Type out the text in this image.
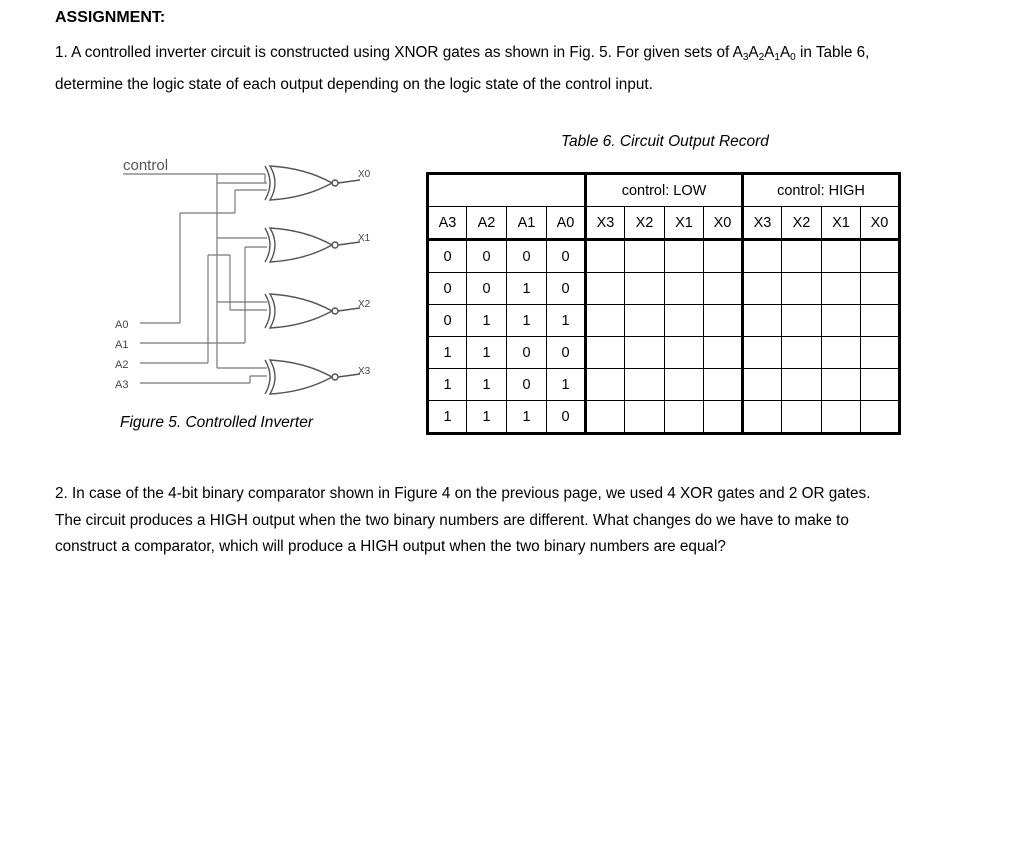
ASSIGNMENT:
1. A controlled inverter circuit is constructed using XNOR gates as shown in Fig. 5. For given sets of $A_3A_2A_1A_0$ in Table 6,
determine the logic state of each output depending on the logic state of the control input.
Table 6. Circuit Output Record
control
A0
A1
A2
A3
X0
X1
X2
X3
Figure 5. Controlled Inverter
				control: LOW				control: HIGH			
A3	A2	A1	A0	X3	X2	X1	X0	X3	X2	X1	X0
0	0	0	0								
0	0	1	0								
0	1	1	1								
1	1	0	0								
1	1	0	1								
1	1	1	0								
2. In case of the 4-bit binary comparator shown in Figure 4 on the previous page, we used 4 XOR gates and 2 OR gates.
The circuit produces a HIGH output when the two binary numbers are different. What changes do we have to make to
construct a comparator, which will produce a HIGH output when the two binary numbers are equal?
